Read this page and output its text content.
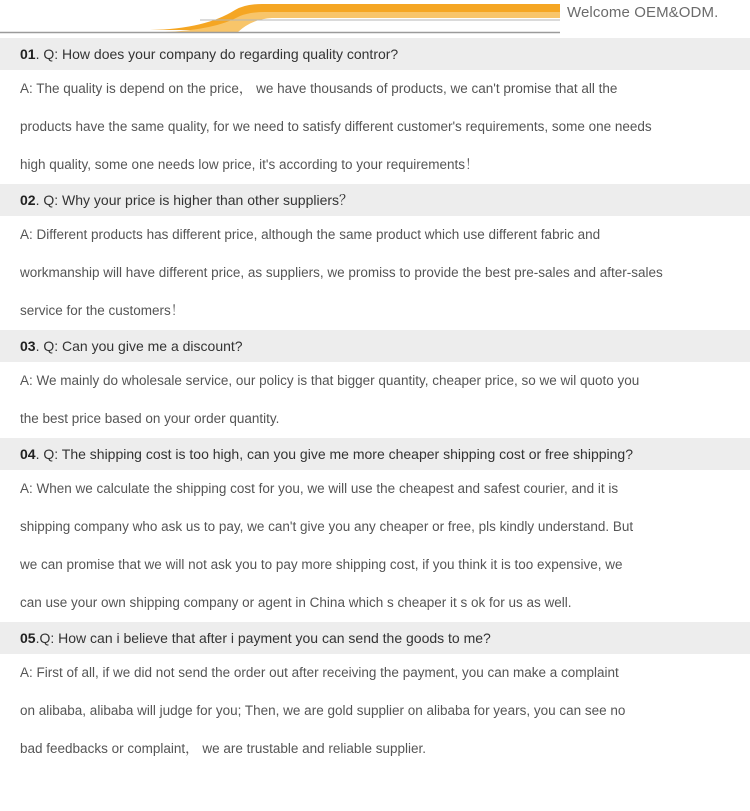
Welcome OEM&ODM.
01. Q: How does your company do regarding quality contror?
A: The quality is depend on the price， we have thousands of products, we can't promise that all the
products have the same quality, for we need to satisfy different customer's requirements, some one needs
high quality, some one needs low price, it's according to your requirements！
02. Q: Why your price is higher than other suppliers？
A: Different products has different price, although the same product which use different fabric and
workmanship will have different price, as suppliers, we promiss to provide the best pre-sales and after-sales
service for the customers！
03. Q: Can you give me a discount?
A: We mainly do wholesale service, our policy is that bigger quantity, cheaper price, so we wil quoto you
the best price based on your order quantity.
04. Q: The shipping cost is too high, can you give me more cheaper shipping cost or free shipping?
A: When we calculate the shipping cost for you, we will use the cheapest and safest courier, and it is
shipping company who ask us to pay, we can't give you any cheaper or free, pls kindly understand. But
we can promise that we will not ask you to pay more shipping cost, if you think it is too expensive, we
can use your own shipping company or agent in China which s cheaper it s ok for us as well.
05.Q: How can i believe that after i payment you can send the goods to me?
A: First of all, if we did not send the order out after receiving the payment, you can make a complaint
on alibaba, alibaba will judge for you; Then, we are gold supplier on alibaba for years, you can see no
bad feedbacks or complaint， we are trustable and reliable supplier.
